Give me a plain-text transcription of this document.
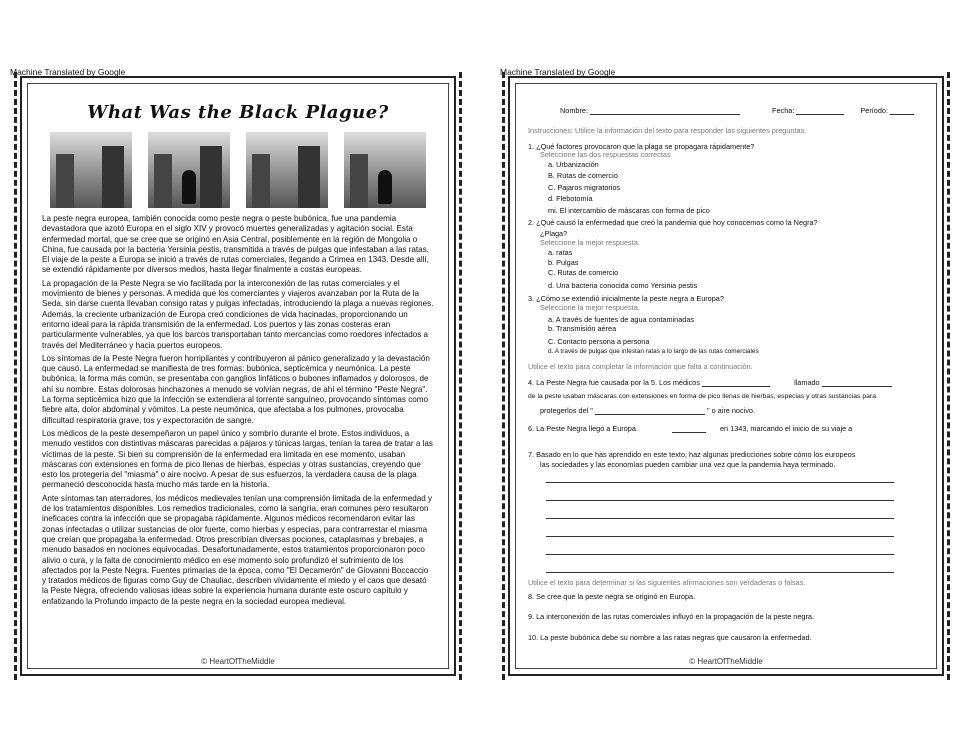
Machine Translated by Google	Machine Translated by Google
What Was the Black Plague?

La peste negra europea, también conocida como peste negra o peste bubónica, fue una pandemia devastadora que azotó Europa en el siglo XIV y provocó muertes generalizadas y agitación social. Esta enfermedad mortal, que se cree que se originó en Asia Central, posiblemente en la región de Mongolia o China, fue causada por la bacteria Yersinia pestis, transmitida a través de pulgas que infestaban a las ratas. El viaje de la peste a Europa se inició a través de rutas comerciales, llegando a Crimea en 1343. Desde allí, se extendió rápidamente por diversos medios, hasta llegar finalmente a costas europeas.

La propagación de la Peste Negra se vio facilitada por la interconexión de las rutas comerciales y el movimiento de bienes y personas. A medida que los comerciantes y viajeros avanzaban por la Ruta de la Seda, sin darse cuenta llevaban consigo ratas y pulgas infectadas, introduciendo la plaga a nuevas regiones. Además, la creciente urbanización de Europa creó condiciones de vida hacinadas, proporcionando un entorno ideal para la rápida transmisión de la enfermedad. Los puertos y las zonas costeras eran particularmente vulnerables, ya que los barcos transportaban tanto mercancías como roedores infectados a través del Mediterráneo y hacia puertos europeos.

Los síntomas de la Peste Negra fueron horripilantes y contribuyeron al pánico generalizado y la devastación que causó. La enfermedad se manifiesta de tres formas: bubónica, septicémica y neumónica. La peste bubónica, la forma más común, se presentaba con ganglios linfáticos o bubones inflamados y dolorosos, de ahí su nombre. Estas dolorosas hinchazones a menudo se volvían negras, de ahí el término "Peste Negra". La forma septicémica hizo que la infección se extendiera al torrente sanguíneo, provocando síntomas como fiebre alta, dolor abdominal y vómitos. La peste neumónica, que afectaba a los pulmones, provocaba dificultad respiratoria grave, tos y expectoración de sangre.

Los médicos de la peste desempeñaron un papel único y sombrío durante el brote. Estos individuos, a menudo vestidos con distintivas máscaras parecidas a pájaros y túnicas largas, tenían la tarea de tratar a las víctimas de la peste. Si bien su comprensión de la enfermedad era limitada en ese momento, usaban máscaras con extensiones en forma de pico llenas de hierbas, especias y otras sustancias, creyendo que esto los protegería del "miasma" o aire nocivo. A pesar de sus esfuerzos, la verdadera causa de la plaga permaneció desconocida hasta mucho más tarde en la historia.

Ante síntomas tan aterradores, los médicos medievales tenían una comprensión limitada de la enfermedad y de los tratamientos disponibles. Los remedios tradicionales, como la sangría, eran comunes pero resultaron ineficaces contra la infección que se propagaba rápidamente. Algunos médicos recomendaron evitar las zonas infectadas o utilizar sustancias de olor fuerte, como hierbas y especias, para contrarrestar el miasma que creían que propagaba la enfermedad. Otros prescribían diversas pociones, cataplasmas y brebajes, a menudo basados en nociones equivocadas. Desafortunadamente, estos tratamientos proporcionaron poco alivio o cura, y la falta de conocimiento médico en ese momento solo profundizó el sufrimiento de los afectados por la Peste Negra. Fuentes primarias de la época, como "El Decamerón" de Giovanni Boccaccio y tratados médicos de figuras como Guy de Chauliac, describen vívidamente el miedo y el caos que desató la Peste Negra, ofreciendo valiosas ideas sobre la experiencia humana durante este oscuro capítulo y enfatizando la Profundo impacto de la peste negra en la sociedad europea medieval.

© HeartOfTheMiddle
Nombre:	Fecha:	Período:
Instrucciones: Utilice la información del texto para responder las siguientes preguntas.
1. ¿Qué factores provocaron que la plaga se propagara rápidamente?
Seleccione las dos respuestas correctas
a. Urbanización
B. Rutas de comercio
C. Pajaros migratorios
d. Flebotomía
mi. El intercambio de máscaras con forma de pico
2. ¿Qué causó la enfermedad que creó la pandemia que hoy conocemos como la Negra?
¿Plaga?
Seleccione la mejor respuesta.
a. ratas
b. Pulgas
C. Rutas de comercio
d. Una bacteria conocida como Yersinia pestis
3. ¿Cómo se extendió inicialmente la peste negra a Europa?
Seleccione la mejor respuesta.
a. A través de fuentes de agua contaminadas
b. Transmisión aérea
C. Contacto persona a persona
d. A través de pulgas que infestan ratas a lo largo de las rutas comerciales
Utilice el texto para completar la información que falta a continuación.
4. La Peste Negra fue causada por la 5. Los médicos	llamado
de la peste usaban máscaras con extensiones en forma de pico llenas de hierbas, especias y otras sustancias para
protegerlos del "	" o aire nocivo.
6. La Peste Negra llegó a Europa.	en 1343, marcando el inicio de su viaje a
7. Basado en lo que has aprendido en este texto, haz algunas predicciones sobre cómo los europeos
las sociedades y las economías pueden cambiar una vez que la pandemia haya terminado.
Utilice el texto para determinar si las siguientes afirmaciones son verdaderas o falsas.
8. Se cree que la peste negra se originó en Europa.
9. La interconexión de las rutas comerciales influyó en la propagación de la peste negra.
10. La peste bubónica debe su nombre a las ratas negras que causaron la enfermedad.
© HeartOfTheMiddle
